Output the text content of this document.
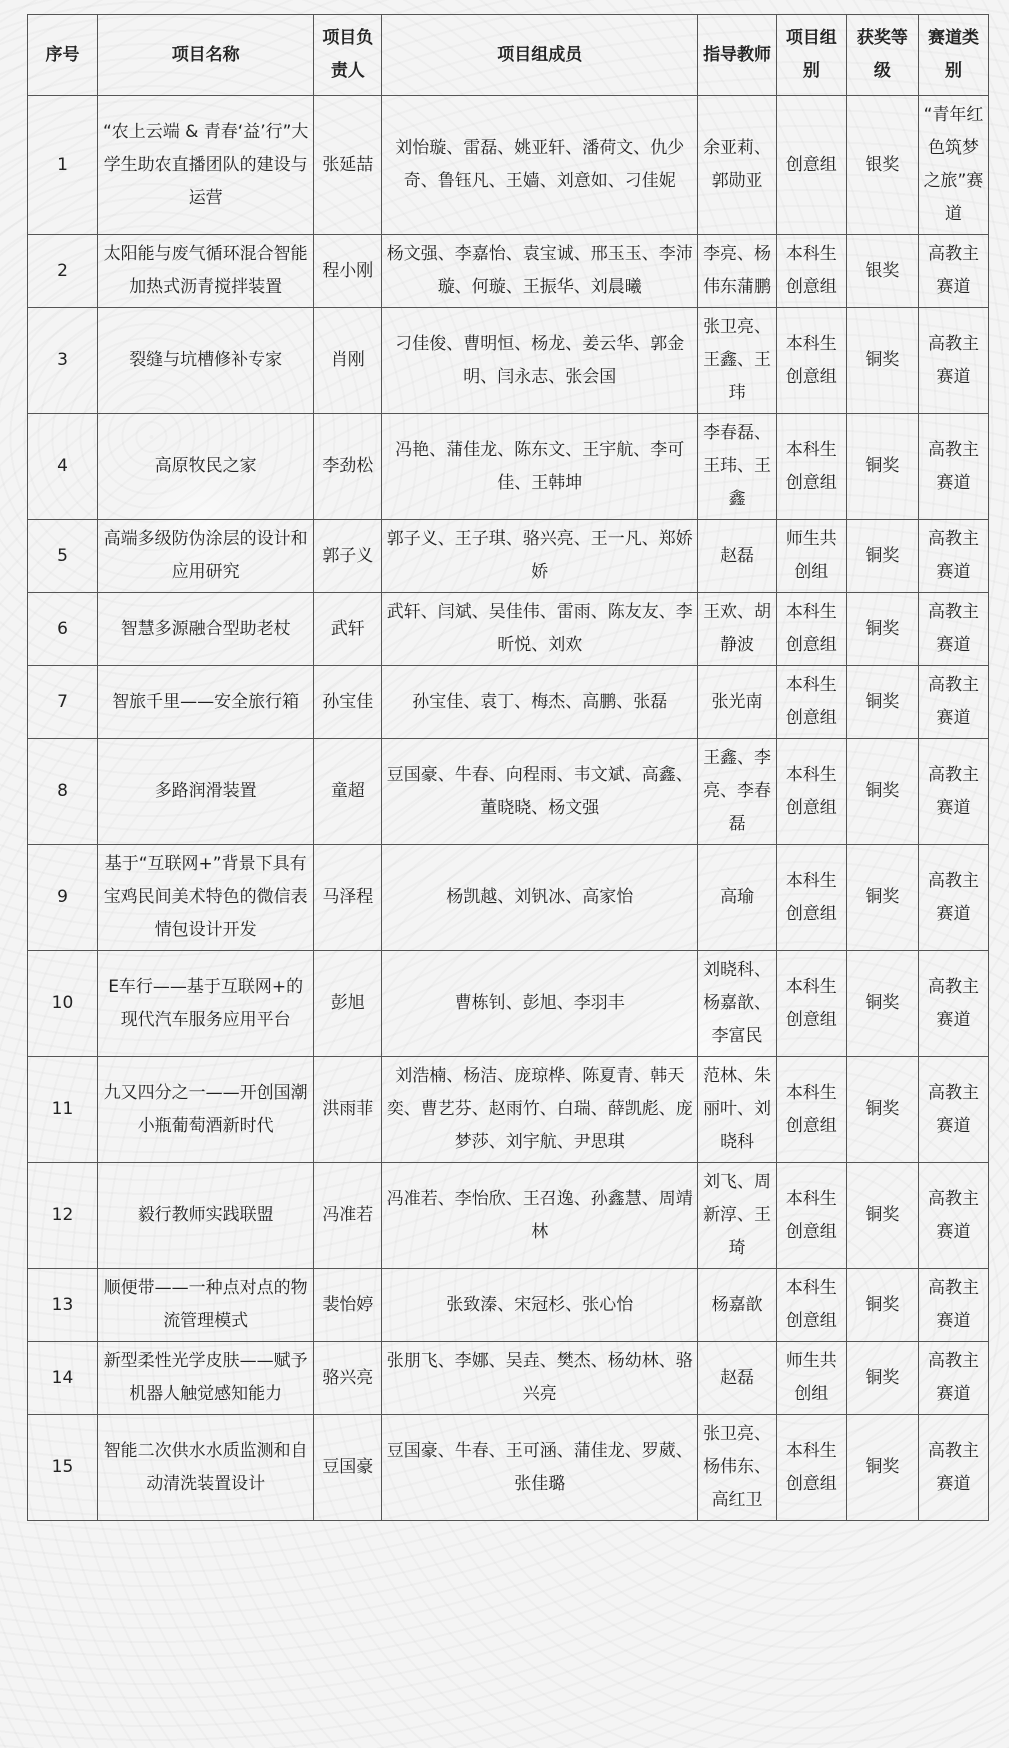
序号	项目名称	项目负责人	项目组成员	指导教师	项目组别	获奖等级	赛道类别
1	“农上云端 & 青春‘益’行”大学生助农直播团队的建设与运营	张延喆	刘怡璇、雷磊、姚亚轩、潘荷文、仇少奇、鲁钰凡、王嫱、刘意如、刁佳妮	余亚莉、郭勋亚	创意组	银奖	“青年红色筑梦之旅”赛道
2	太阳能与废气循环混合智能加热式沥青搅拌装置	程小刚	杨文强、李嘉怡、袁宝诚、邢玉玉、李沛璇、何璇、王振华、刘晨曦	李亮、杨伟东蒲鹏	本科生创意组	银奖	高教主赛道
3	裂缝与坑槽修补专家	肖刚	刁佳俊、曹明恒、杨龙、姜云华、郭金明、闫永志、张会国	张卫亮、王鑫、王玮	本科生创意组	铜奖	高教主赛道
4	高原牧民之家	李劲松	冯艳、蒲佳龙、陈东文、王宇航、李可佳、王韩坤	李春磊、王玮、王鑫	本科生创意组	铜奖	高教主赛道
5	高端多级防伪涂层的设计和应用研究	郭子义	郭子义、王子琪、骆兴亮、王一凡、郑娇娇	赵磊	师生共创组	铜奖	高教主赛道
6	智慧多源融合型助老杖	武轩	武轩、闫斌、吴佳伟、雷雨、陈友友、李昕悦、刘欢	王欢、胡静波	本科生创意组	铜奖	高教主赛道
7	智旅千里——安全旅行箱	孙宝佳	孙宝佳、袁丁、梅杰、高鹏、张磊	张光南	本科生创意组	铜奖	高教主赛道
8	多路润滑装置	童超	豆国豪、牛春、向程雨、韦文斌、高鑫、董晓晓、杨文强	王鑫、李亮、李春磊	本科生创意组	铜奖	高教主赛道
9	基于“互联网+”背景下具有宝鸡民间美术特色的微信表情包设计开发	马泽程	杨凯越、刘钒冰、高家怡	高瑜	本科生创意组	铜奖	高教主赛道
10	E车行——基于互联网+的现代汽车服务应用平台	彭旭	曹栋钊、彭旭、李羽丰	刘晓科、杨嘉歆、李富民	本科生创意组	铜奖	高教主赛道
11	九又四分之一——开创国潮小瓶葡萄酒新时代	洪雨菲	刘浩楠、杨洁、庞琼桦、陈夏青、韩天奕、曹艺芬、赵雨竹、白瑞、薛凯彪、庞梦莎、刘宇航、尹思琪	范林、朱丽叶、刘晓科	本科生创意组	铜奖	高教主赛道
12	毅行教师实践联盟	冯准若	冯准若、李怡欣、王召逸、孙鑫慧、周靖林	刘飞、周新淳、王琦	本科生创意组	铜奖	高教主赛道
13	顺便带——一种点对点的物流管理模式	裴怡婷	张致溱、宋冠杉、张心怡	杨嘉歆	本科生创意组	铜奖	高教主赛道
14	新型柔性光学皮肤——赋予机器人触觉感知能力	骆兴亮	张朋飞、李娜、吴垚、樊杰、杨幼林、骆兴亮	赵磊	师生共创组	铜奖	高教主赛道
15	智能二次供水水质监测和自动清洗装置设计	豆国豪	豆国豪、牛春、王可涵、蒲佳龙、罗葳、张佳璐	张卫亮、杨伟东、高红卫	本科生创意组	铜奖	高教主赛道
